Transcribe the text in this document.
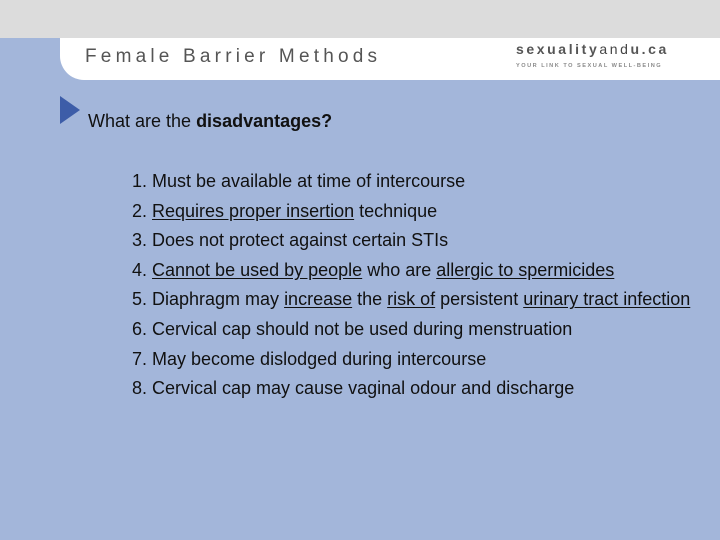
Female Barrier Methods	sexualityandu.ca
YOUR LINK TO SEXUAL WELL-BEING
What are the disadvantages?
1. Must be available at time of intercourse
2. Requires proper insertion technique
3. Does not protect against certain STIs
4. Cannot be used by people who are allergic to spermicides
5. Diaphragm may increase the risk of persistent urinary tract infection
6. Cervical cap should not be used during menstruation
7. May become dislodged during intercourse
8. Cervical cap may cause vaginal odour and discharge
